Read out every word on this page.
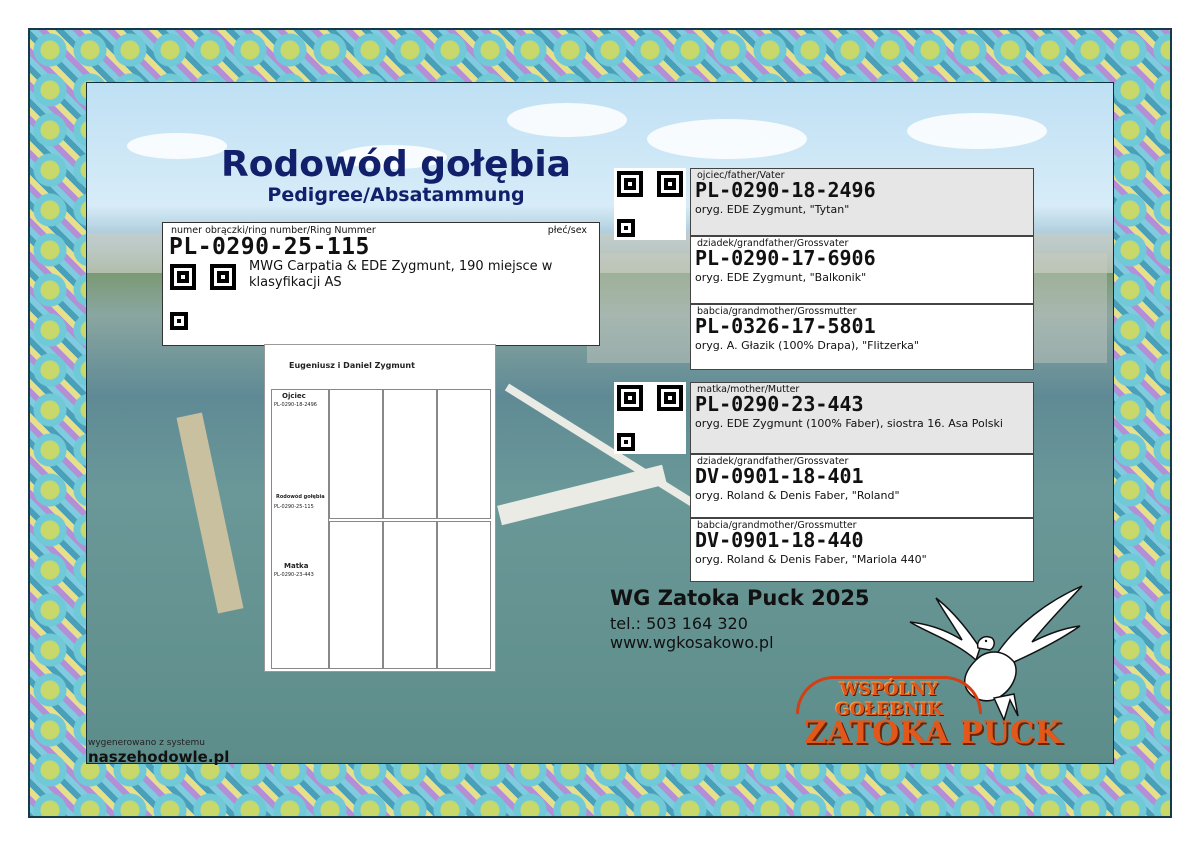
Rodowód gołębia
Pedigree/Absatammung
numer obrączki/ring number/Ring Nummer	płeć/sex
PL-0290-25-115
MWG Carpatia & EDE Zygmunt, 190 miejsce w klasyfikacji AS
ojciec/father/Vater
PL-0290-18-2496
oryg. EDE Zygmunt, "Tytan"
dziadek/grandfather/Grossvater
PL-0290-17-6906
oryg. EDE Zygmunt, "Balkonik"
babcia/grandmother/Grossmutter
PL-0326-17-5801
oryg. A. Głazik (100% Drapa), "Flitzerka"
matka/mother/Mutter
PL-0290-23-443
oryg. EDE Zygmunt (100% Faber), siostra 16. Asa Polski
dziadek/grandfather/Grossvater
DV-0901-18-401
oryg. Roland & Denis Faber, "Roland"
babcia/grandmother/Grossmutter
DV-0901-18-440
oryg. Roland & Denis Faber, "Mariola 440"
Eugeniusz i Daniel Zygmunt
Ojciec
PL-0290-18-2496
Rodowód gołębia
PL-0290-25-115
Matka
PL-0290-23-443
WG Zatoka Puck 2025
tel.: 503 164 320
www.wgkosakowo.pl
WSPÓLNY GOŁĘBNIK
ZATOKA PUCK
wygenerowano z systemu
naszehodowle.pl
